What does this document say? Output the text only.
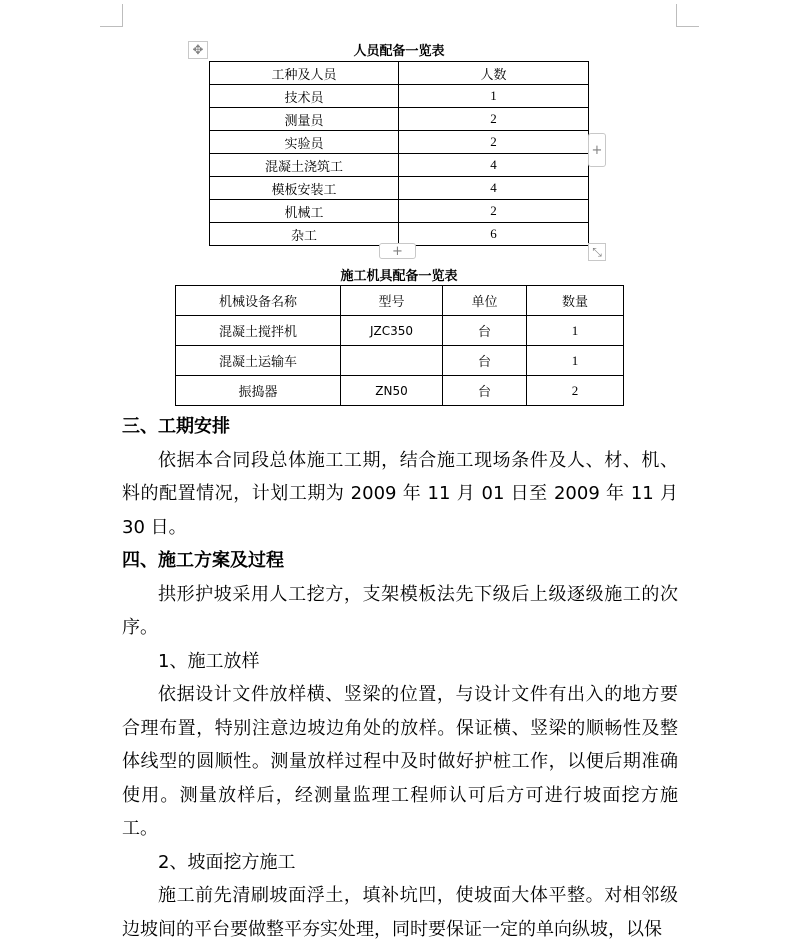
✥	人员配备一览表
工种及人员	人数
技术员	1
测量员	2
实验员	2
混凝土浇筑工	4
模板安装工	4
机械工	2
杂工	6
+
+	⤡
施工机具配备一览表
机械设备名称	型号	单位	数量
混凝土搅拌机	JZC350	台	1
混凝土运输车		台	1
振捣器	ZN50	台	2

三、工期安排

依据本合同段总体施工工期，结合施工现场条件及人、材、机、料的配置情况，计划工期为 2009 年 11 月 01 日至 2009 年 11 月 30 日。

四、施工方案及过程

拱形护坡采用人工挖方，支架模板法先下级后上级逐级施工的次序。

1、施工放样

依据设计文件放样横、竖梁的位置，与设计文件有出入的地方要合理布置，特别注意边坡边角处的放样。保证横、竖梁的顺畅性及整体线型的圆顺性。测量放样过程中及时做好护桩工作，以便后期准确使用。测量放样后，经测量监理工程师认可后方可进行坡面挖方施工。

2、坡面挖方施工

施工前先清刷坡面浮土，填补坑凹，使坡面大体平整。对相邻级边坡间的平台要做整平夯实处理，同时要保证一定的单向纵坡，以保
